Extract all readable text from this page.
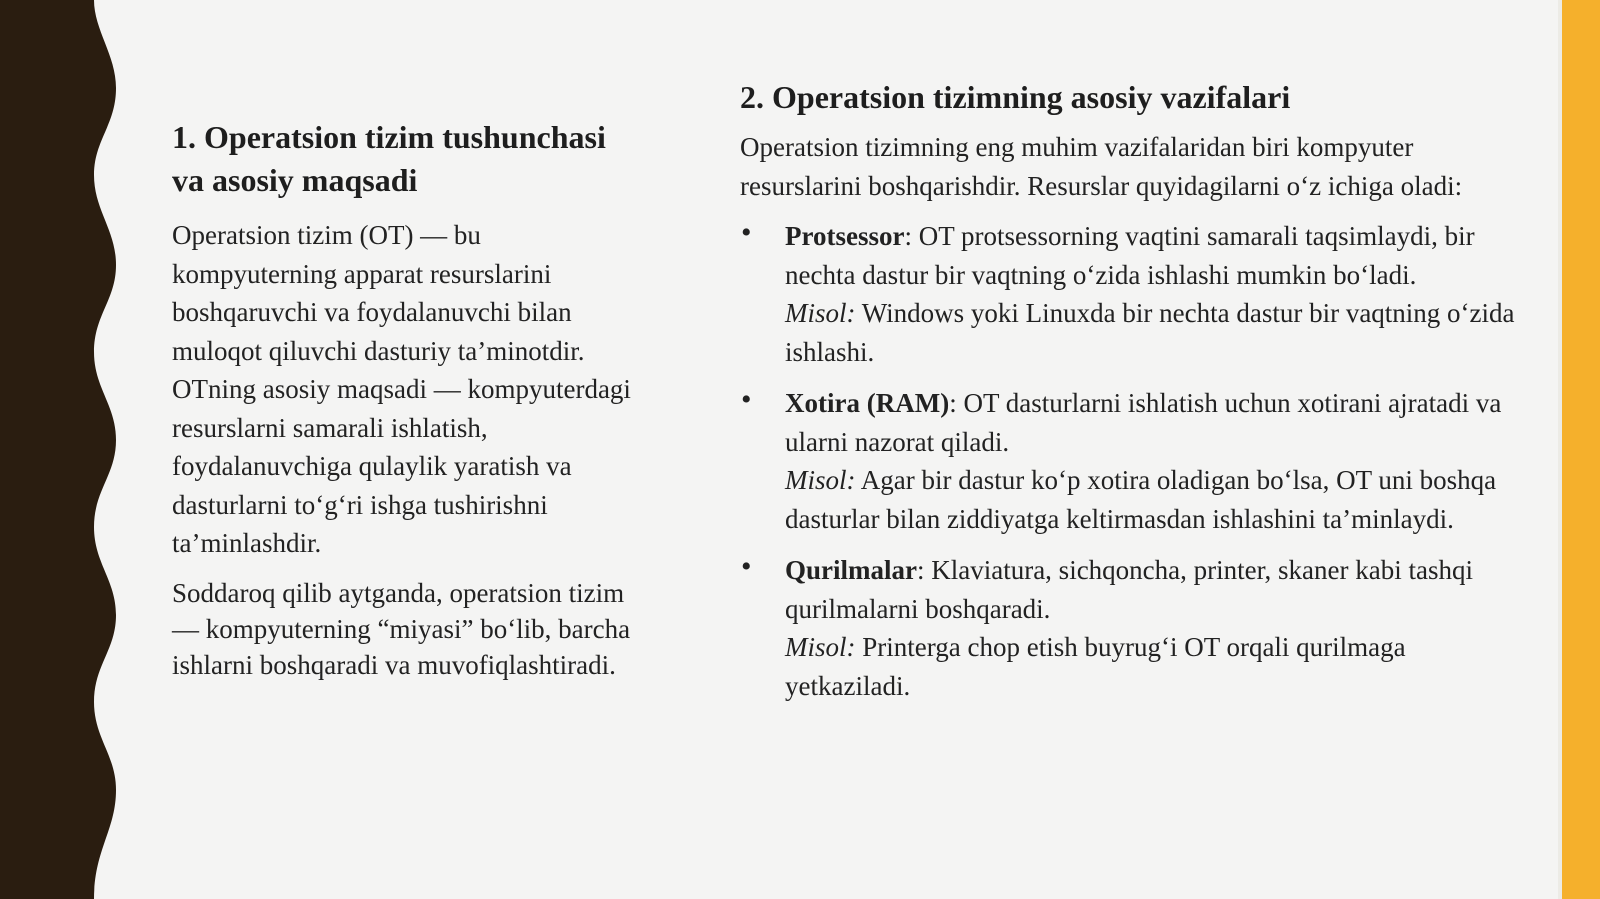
1. Operatsion tizim tushunchasi va asosiy maqsadi

Operatsion tizim (OT) — bu kompyuterning apparat resurslarini boshqaruvchi va foydalanuvchi bilan muloqot qiluvchi dasturiy ta’minotdir. OTning asosiy maqsadi — kompyuterdagi resurslarni samarali ishlatish, foydalanuvchiga qulaylik yaratish va dasturlarni to‘g‘ri ishga tushirishni ta’minlashdir.

Soddaroq qilib aytganda, operatsion tizim — kompyuterning “miyasi” bo‘lib, barcha ishlarni boshqaradi va muvofiqlashtiradi.

2. Operatsion tizimning asosiy vazifalari

Operatsion tizimning eng muhim vazifalaridan biri kompyuter resurslarini boshqarishdir. Resurslar quyidagilarni o‘z ichiga oladi:

• Protsessor: OT protsessorning vaqtini samarali taqsimlaydi, bir nechta dastur bir vaqtning o‘zida ishlashi mumkin bo‘ladi.
Misol: Windows yoki Linuxda bir nechta dastur bir vaqtning o‘zida ishlashi.
• Xotira (RAM): OT dasturlarni ishlatish uchun xotirani ajratadi va ularni nazorat qiladi.
Misol: Agar bir dastur ko‘p xotira oladigan bo‘lsa, OT uni boshqa dasturlar bilan ziddiyatga keltirmasdan ishlashini ta’minlaydi.
• Qurilmalar: Klaviatura, sichqoncha, printer, skaner kabi tashqi qurilmalarni boshqaradi.
Misol: Printerga chop etish buyrug‘i OT orqali qurilmaga yetkaziladi.
